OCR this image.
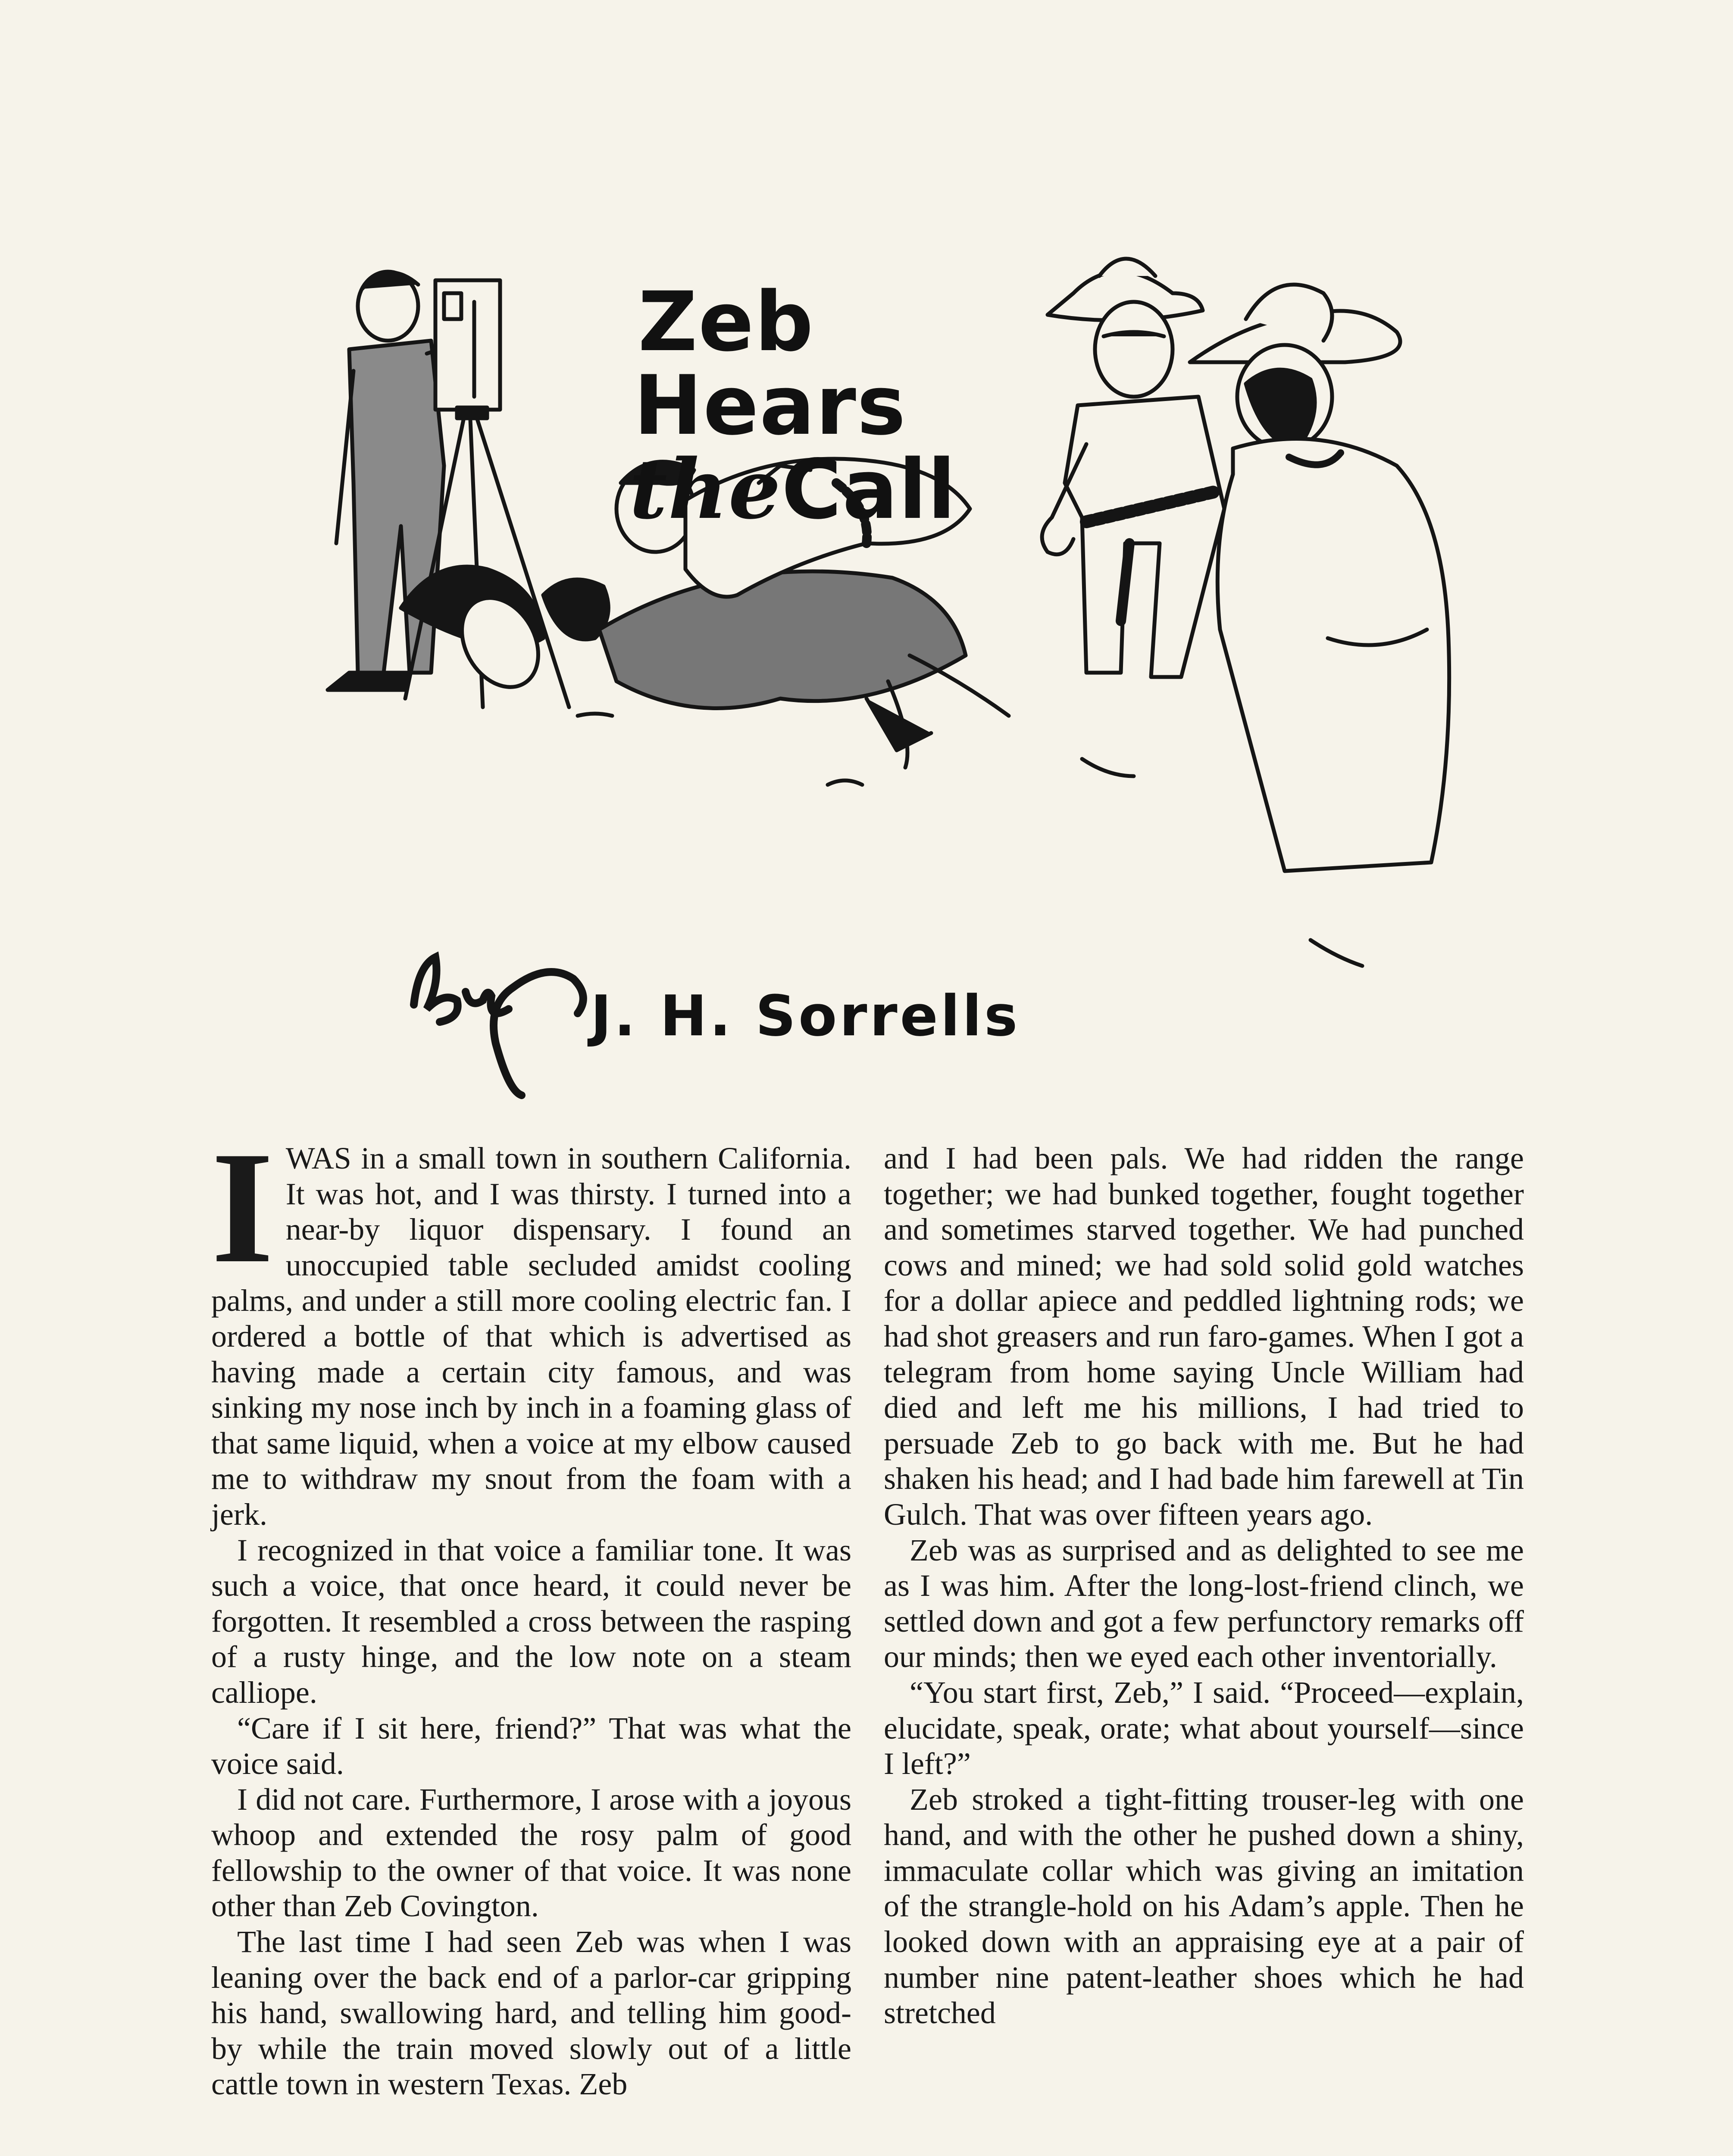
Zeb
Hears
theCall
J. H. Sorrells

IWAS in a small town in southern California. It was hot, and I was thirsty. I turned into a near-by liquor dispensary. I found an unoccupied table secluded amidst cooling palms, and under a still more cooling electric fan. I ordered a bottle of that which is advertised as having made a certain city famous, and was sinking my nose inch by inch in a foaming glass of that same liquid, when a voice at my elbow caused me to withdraw my snout from the foam with a jerk.

I recognized in that voice a familiar tone. It was such a voice, that once heard, it could never be forgotten. It resembled a cross between the rasping of a rusty hinge, and the low note on a steam calliope.

“Care if I sit here, friend?” That was what the voice said.

I did not care. Furthermore, I arose with a joyous whoop and extended the rosy palm of good fellowship to the owner of that voice. It was none other than Zeb Covington.

The last time I had seen Zeb was when I was leaning over the back end of a parlor-car gripping his hand, swallowing hard, and telling him good-by while the train moved slowly out of a little cattle town in western Texas. Zeb

and I had been pals. We had ridden the range together; we had bunked together, fought together and sometimes starved together. We had punched cows and mined; we had sold solid gold watches for a dollar apiece and peddled lightning rods; we had shot greasers and run faro-games. When I got a telegram from home saying Uncle William had died and left me his millions, I had tried to persuade Zeb to go back with me. But he had shaken his head; and I had bade him farewell at Tin Gulch. That was over fifteen years ago.

Zeb was as surprised and as delighted to see me as I was him. After the long-lost-friend clinch, we settled down and got a few perfunctory remarks off our minds; then we eyed each other inventorially.

“You start first, Zeb,” I said. “Proceed—explain, elucidate, speak, orate; what about yourself—since I left?”

Zeb stroked a tight-fitting trouser-leg with one hand, and with the other he pushed down a shiny, immaculate collar which was giving an imitation of the strangle-hold on his Adam’s apple. Then he looked down with an appraising eye at a pair of number nine patent-leather shoes which he had stretched
